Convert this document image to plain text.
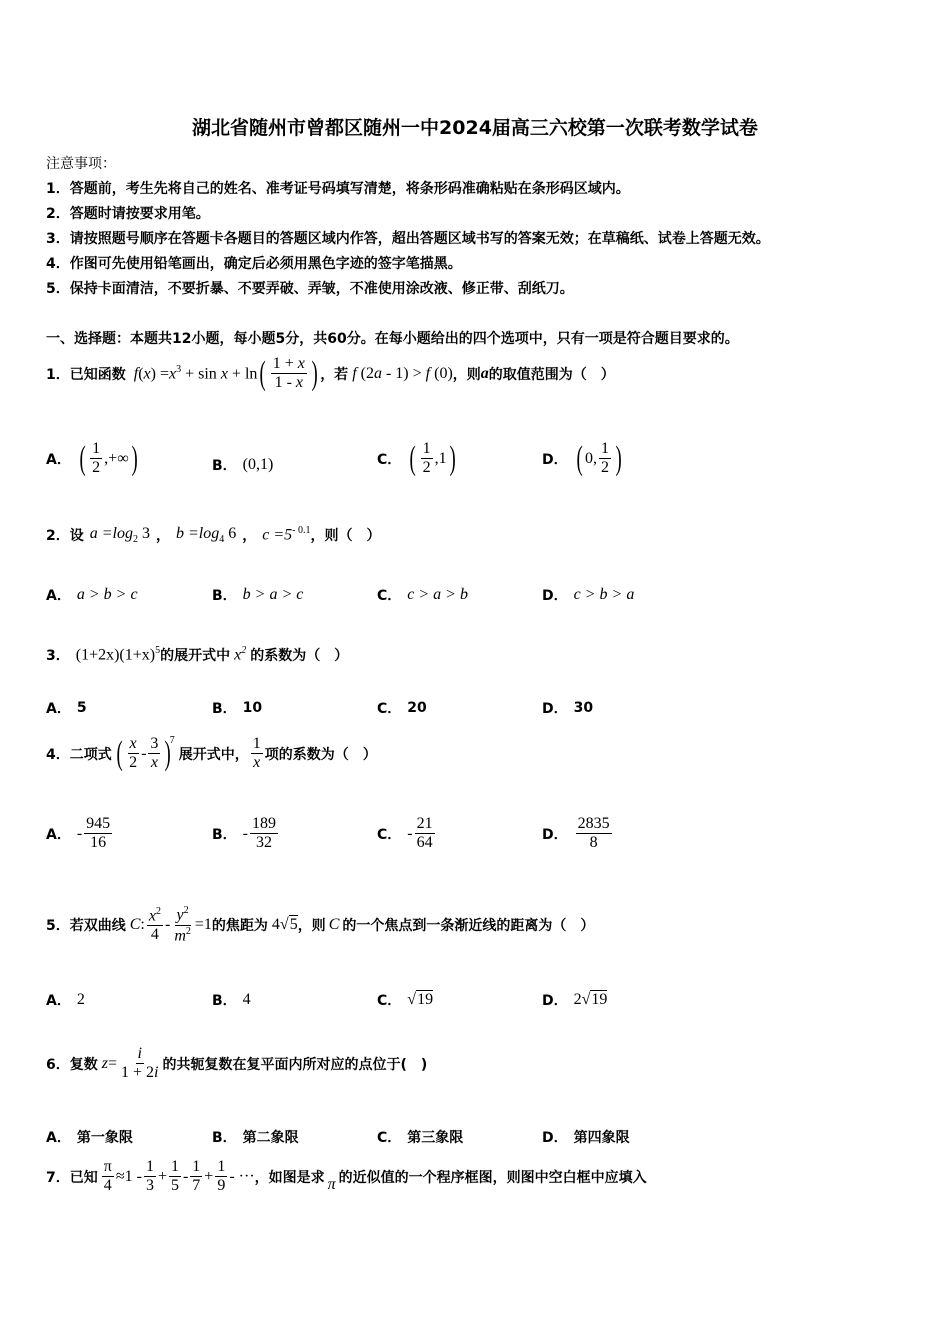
湖北省随州市曾都区随州一中2024届高三六校第一次联考数学试卷
注意事项：
1．答题前，考生先将自己的姓名、准考证号码填写清楚，将条形码准确粘贴在条形码区域内。
2．答题时请按要求用笔。
3．请按照题号顺序在答题卡各题目的答题区域内作答，超出答题区域书写的答案无效；在草稿纸、试卷上答题无效。
4．作图可先使用铅笔画出，确定后必须用黑色字迹的签字笔描黑。
5．保持卡面清洁，不要折暴、不要弄破、弄皱，不准使用涂改液、修正带、刮纸刀。
一、选择题：本题共12小题，每小题5分，共60分。在每小题给出的四个选项中，只有一项是符合题目要求的。
1．已知函数 f $(x) =x^3 + \sin x + \ln$ ( $\frac{1 + x}{1 - x}$ ) ，若 f (2a - 1) > f (0) ，则 a 的取值范围为（　）
A． ( $\frac{1}{2}$ ,+∞ )	B． (0,1)	C． ( $\frac{1}{2} ,1$ )	D． ( 0, $\frac{1}{2}$ )
2．设 $a =\log_2$ 3 ， $b =\log_4$ 6 ， $c =5^{- 0.1}$ ，则（　）
A． a > b > c	B． b > a > c	C． c > a > b	D． c > b > a
3． $(1+2x)(1+x)^5$ 的展开式中 $x^2$ 的系数为（　）
A． 5	B． 10	C． 20	D． 30
4．二项式 ( $\frac{x}{2} - \frac{3}{x}$ )
7
展开式中， $\frac{1}{x}$ 项的系数为（　）
A． - $\frac{945}{16}$	B． - $\frac{189}{32}$	C． - $\frac{21}{64}$	D． $\frac{2835}{8}$
5．若双曲线 C : $\frac{x^2}{4} - \frac{y^2}{m^2} =1$ 的焦距为 4√5 ，则 C 的一个焦点到一条渐近线的距离为（　）
A． 2	B． 4	C． √19	D． 2√19
6．复数 $z = \frac{i}{1 + 2i}$ 的共轭复数在复平面内所对应的点位于(　)
A． 第一象限	B． 第二象限	C． 第三象限	D． 第四象限
7．已知 $\frac{\pi}{4} \approx 1 - \frac{1}{3} + \frac{1}{5} - \frac{1}{7} + \frac{1}{9}$ - ··· ，如图是求 π 的近似值的一个程序框图，则图中空白框中应填入
